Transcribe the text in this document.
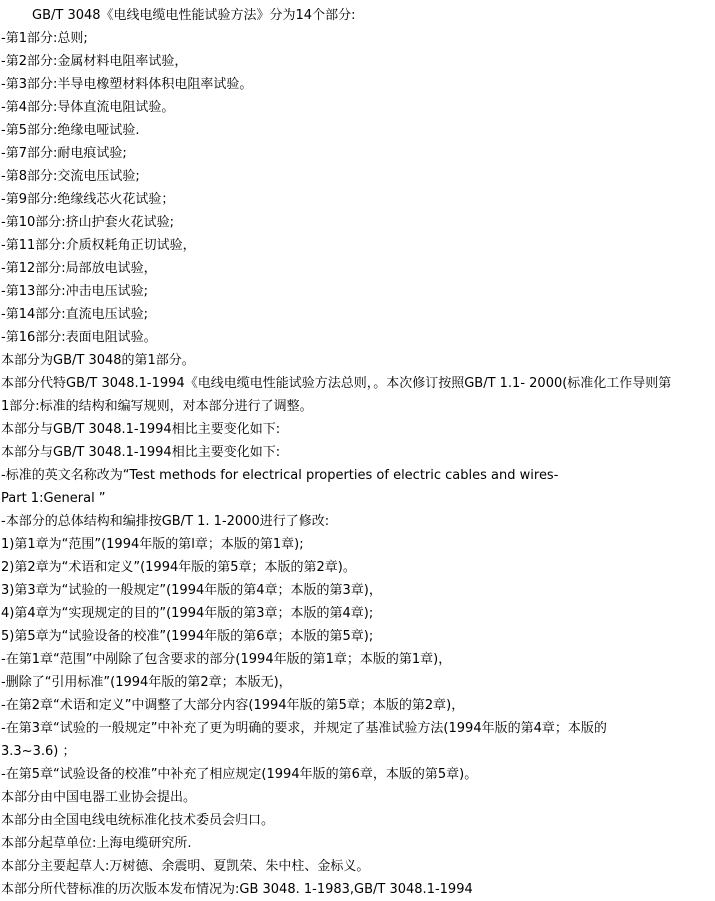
GB/T 3048《电线电缆电性能试验方法》分为14个部分:

-第1部分:总则;

-第2部分:金属材料电阻率试验，

-第3部分:半导电橡塑材料体积电阻率试验。

-第4部分:导体直流电阻试验。

-第5部分:绝缘电哑试验.

-第7部分:耐电痕试验;

-第8部分:交流电压试验;

-第9部分:绝缘线芯火花试验；

-第10部分:挤山护套火花试验;

-第11部分:介质权耗角正切试验，

-第12部分:局部放电试验，

-第13部分:冲击电压试验;

-第14部分:直流电压试验;

-第16部分:表面电阻试验。

本部分为GB/T 3048的第1部分。

本部分代特GB/T 3048.1-1994《电线电缆电性能试验方法总则，。本次修订按照GB/T 1.1- 2000(标准化工作导则第

1部分:标准的结构和编写规则，对本部分进行了调整。

本部分与GB/T 3048.1-1994相比主要变化如下:

本部分与GB/T 3048.1-1994相比主要变化如下:

-标准的英文名称改为“Test methods for electrical properties of electric cables and wires-

Part 1:General ”

-本部分的总体结构和编排按GB/T 1. 1-2000进行了修改:

1)第1章为“范围”(1994年版的第l章；本版的第1章);

2)第2章为“术语和定义”(1994年版的第5章；本版的第2章)。

3)第3章为“试验的一般规定”(1994年版的第4章；本版的第3章)，

4)第4章为“实现规定的目的”(1994年版的第3章；本版的第4章);

5)第5章为“试验设备的校准”(1994年版的第6章；本版的第5章);

-在第1章“范围”中剐除了包含要求的部分(1994年版的第1章；本版的第1章)，

-删除了“引用标准”(1994年版的第2章；本版无)，

-在第2章“术语和定义”中调整了大部分内容(1994年版的第5章；本版的第2章)，

-在第3章“试验的一般规定”中补充了更为明确的要求，并规定了基准试验方法(1994年版的第4章；本版的

3.3~3.6) ；

-在第5章“试验设备的校准”中补充了相应规定(1994年版的第6章，本版的第5章)。

本部分由中国电器工业协会提出。

本部分由全国电线电统标准化技术委员会归口。

本部分起草单位:上海电缆研究所.

本部分主要起草人:万树德、余震明、夏凯荣、朱中柱、金标义。

本部分所代替标准的历次版本发布情况为:GB 3048. 1-1983,GB/T 3048.1-1994
